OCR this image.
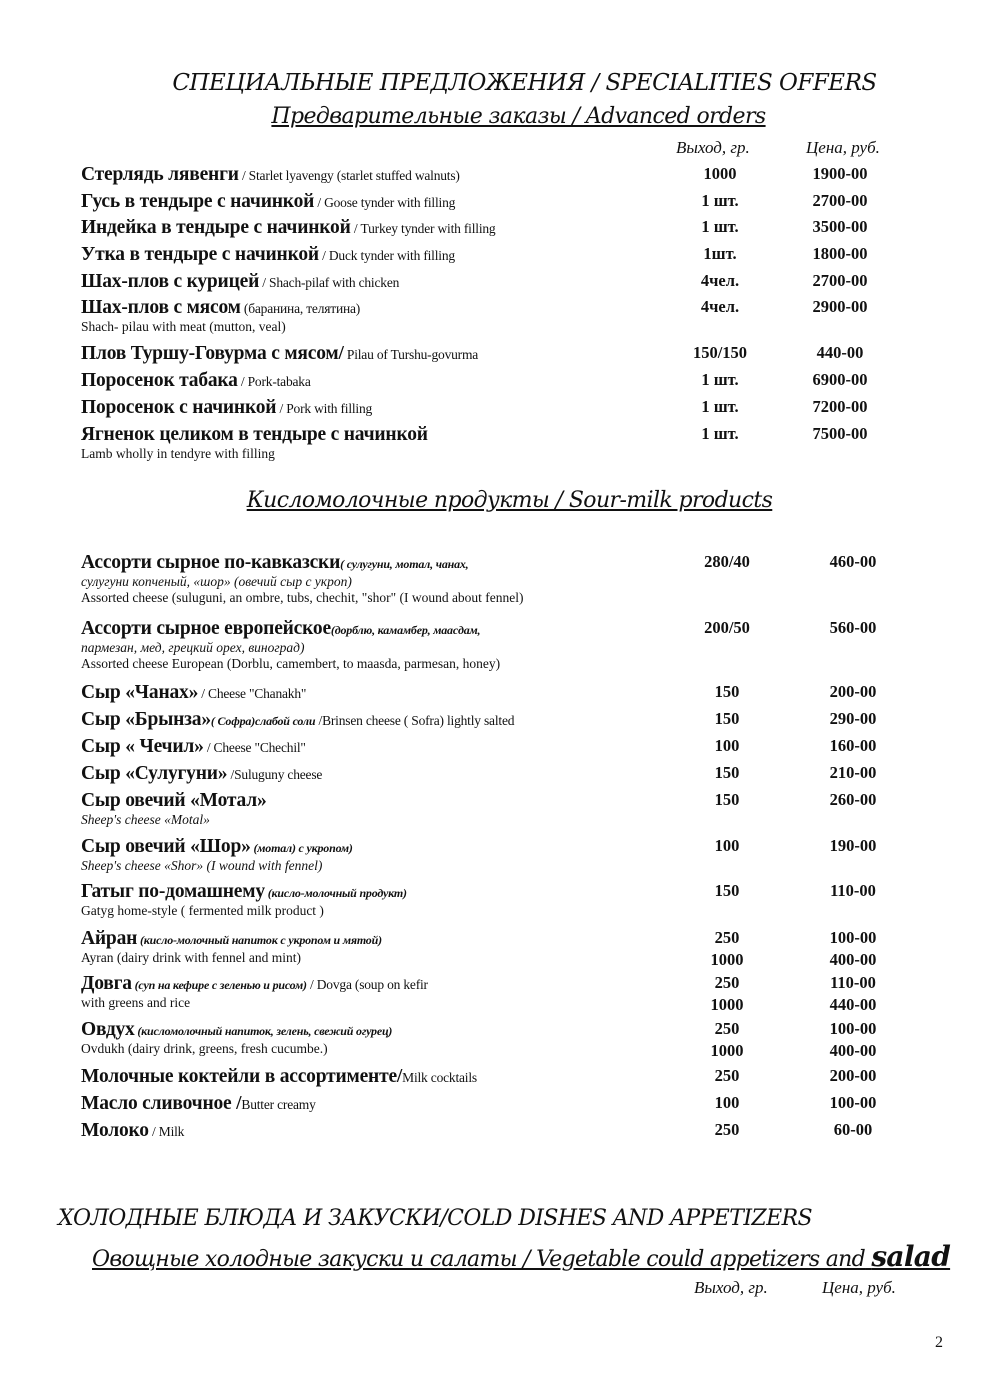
СПЕЦИАЛЬНЫЕ ПРЕДЛОЖЕНИЯ / SPECIALITIES OFFERS
Предварительные заказы / Advanced orders
Выход, гр.	Цена, руб.
Стерлядь лявенги / Starlet lyavengy (starlet stuffed walnuts)	1000	1900-00
Гусь в тендыре с начинкой / Goose tynder with filling	1 шт.	2700-00
Индейка в тендыре с начинкой / Turkey tynder with filling	1 шт.	3500-00
Утка в тендыре с начинкой / Duck tynder with filling	1шт.	1800-00
Шах-плов с курицей / Shach-pilaf with chicken	4чел.	2700-00
Шах-плов с мясом (баранина, телятина)
Shach- pilau with meat (mutton, veal)
4чел.	2900-00
Плов Туршу-Говурма с мясом/ Pilau of Turshu-govurma	150/150	440-00
Поросенок табака / Pork-tabaka	1 шт.	6900-00
Поросенок с начинкой / Pork with filling	1 шт.	7200-00
Ягненок целиком в тендыре с начинкой
Lamb wholly in tendyre with filling
1 шт.	7500-00
Кисломолочные продукты / Sour-milk products
Ассорти сырное по-кавказски( сулугуни, мотал, чанах,
сулугуни копченый, «шор» (овечий сыр с укроп)
Assorted cheese (suluguni, an ombre, tubs, chechit, "shor" (I wound about fennel)
280/40	460-00
Ассорти сырное европейское(дорблю, камамбер, маасдам,
пармезан, мед, грецкий орех, виноград)
Assorted cheese European (Dorblu, camembert, to maasda, parmesan, honey)
200/50	560-00
Сыр «Чанах» / Cheese "Chanakh"	150	200-00
Сыр «Брынза»( Софра)слабой соли /Brinsen cheese ( Sofra) lightly salted	150	290-00
Сыр « Чечил» / Cheese "Chechil"	100	160-00
Сыр «Сулугуни» /Suluguny cheese	150	210-00
Сыр овечий «Мотал»
Sheep's cheese «Motal»
150	260-00
Сыр овечий «Шор» (мотал) с укропом)
Sheep's cheese «Shor» (I wound with fennel)
100	190-00
Гатыг по-домашнему (кисло-молочный продукт)
Gatyg home-style ( fermented milk product )
150	110-00
Айран (кисло-молочный напиток с укропом и мятой)
Ayran (dairy drink with fennel and mint)
250	100-00
1000	400-00
Довга (суп на кефире с зеленью и рисом) / Dovga (soup on kefir
with greens and rice
250	110-00
1000	440-00
Овдух (кисломолочный напиток, зелень, свежий огурец)
Ovdukh (dairy drink, greens, fresh cucumbe.)
250	100-00
1000	400-00
Молочные коктейли в ассортименте/Milk cocktails	250	200-00
Масло сливочное /Butter creamy	100	100-00
Молоко / Milk	250	60-00
ХОЛОДНЫЕ БЛЮДА И ЗАКУСКИ/COLD DISHES AND APPETIZERS
Овощные холодные закуски и салаты / Vegetable could appetizers and salad
Выход, гр.	Цена, руб.
2
